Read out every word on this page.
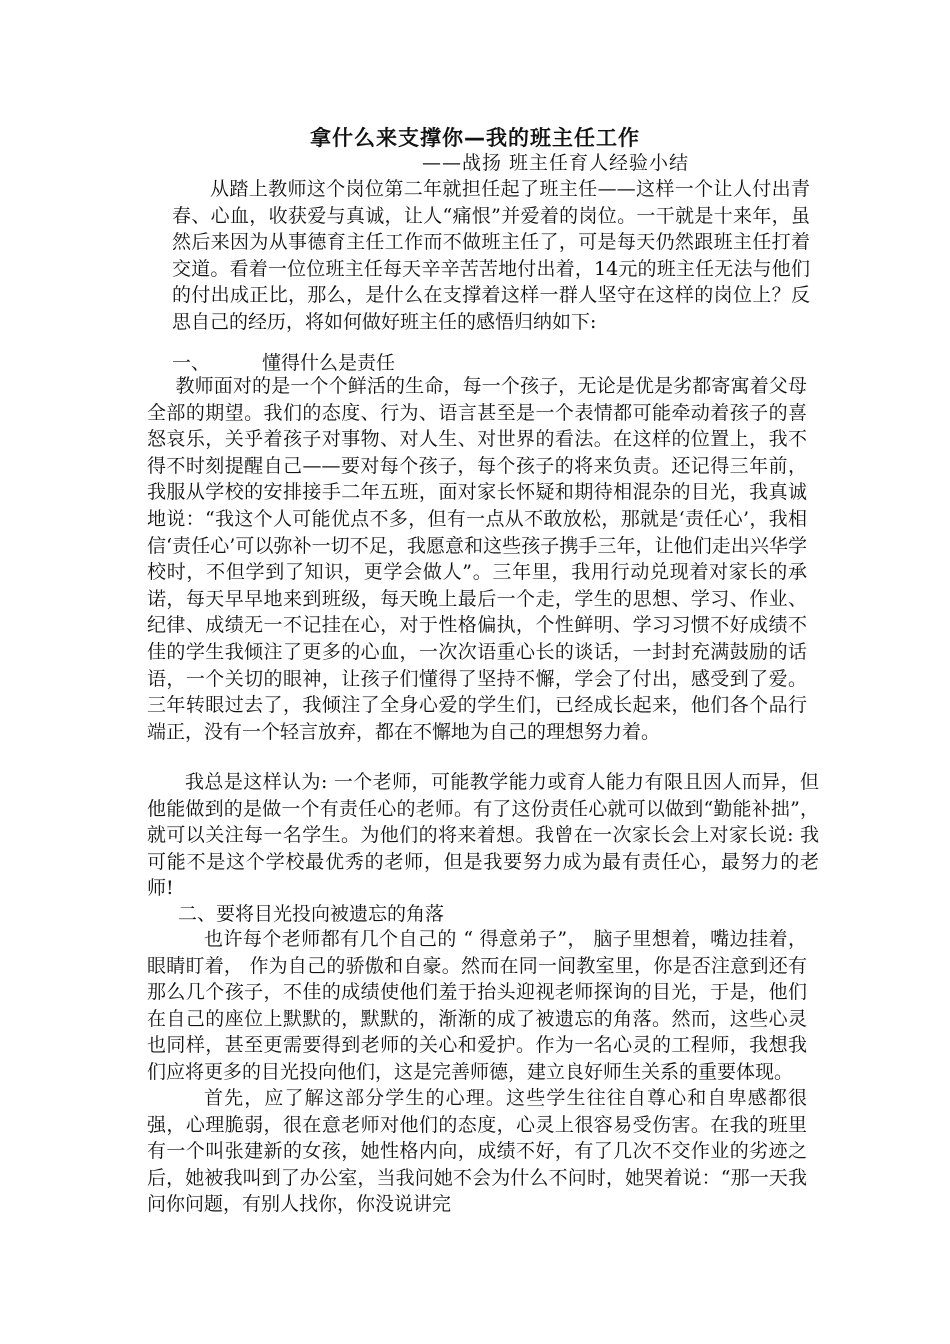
拿什么来支撑你—我的班主任工作

——战扬 班主任育人经验小结

从踏上教师这个岗位第二年就担任起了班主任——这样一个让人付出青春、心血，收获爱与真诚，让人“痛恨”并爱着的岗位。一干就是十来年，虽然后来因为从事德育主任工作而不做班主任了，可是每天仍然跟班主任打着交道。看着一位位班主任每天辛辛苦苦地付出着，14元的班主任无法与他们的付出成正比，那么，是什么在支撑着这样一群人坚守在这样的岗位上？反思自己的经历，将如何做好班主任的感悟归纳如下:

一、	懂得什么是责任

教师面对的是一个个鲜活的生命，每一个孩子，无论是优是劣都寄寓着父母全部的期望。我们的态度、行为、语言甚至是一个表情都可能牵动着孩子的喜怒哀乐，关乎着孩子对事物、对人生、对世界的看法。在这样的位置上，我不得不时刻提醒自己——要对每个孩子，每个孩子的将来负责。还记得三年前，我服从学校的安排接手二年五班，面对家长怀疑和期待相混杂的目光，我真诚地说：“我这个人可能优点不多，但有一点从不敢放松，那就是‘责任心’，我相信‘责任心’可以弥补一切不足，我愿意和这些孩子携手三年，让他们走出兴华学校时，不但学到了知识，更学会做人”。三年里，我用行动兑现着对家长的承诺，每天早早地来到班级，每天晚上最后一个走，学生的思想、学习、作业、纪律、成绩无一不记挂在心，对于性格偏执，个性鲜明、学习习惯不好成绩不佳的学生我倾注了更多的心血，一次次语重心长的谈话，一封封充满鼓励的话语，一个关切的眼神，让孩子们懂得了坚持不懈，学会了付出，感受到了爱。三年转眼过去了，我倾注了全身心爱的学生们，已经成长起来，他们各个品行端正，没有一个轻言放弃，都在不懈地为自己的理想努力着。

我总是这样认为: 一个老师，可能教学能力或育人能力有限且因人而异，但他能做到的是做一个有责任心的老师。有了这份责任心就可以做到“勤能补拙”，就可以关注每一名学生。为他们的将来着想。我曾在一次家长会上对家长说: 我可能不是这个学校最优秀的老师，但是我要努力成为最有责任心，最努力的老师!

二、要将目光投向被遗忘的角落

也许每个老师都有几个自己的 “ 得意弟子”， 脑子里想着，嘴边挂着， 眼睛盯着， 作为自己的骄傲和自豪。然而在同一间教室里，你是否注意到还有那么几个孩子，不佳的成绩使他们羞于抬头迎视老师探询的目光，于是，他们在自己的座位上默默的，默默的，渐渐的成了被遗忘的角落。然而，这些心灵也同样，甚至更需要得到老师的关心和爱护。作为一名心灵的工程师，我想我们应将更多的目光投向他们，这是完善师德，建立良好师生关系的重要体现。

首先，应了解这部分学生的心理。这些学生往往自尊心和自卑感都很强，心理脆弱，很在意老师对他们的态度，心灵上很容易受伤害。在我的班里有一个叫张建新的女孩，她性格内向，成绩不好，有了几次不交作业的劣迹之后，她被我叫到了办公室，当我问她不会为什么不问时，她哭着说：“那一天我问你问题，有别人找你，你没说讲完
